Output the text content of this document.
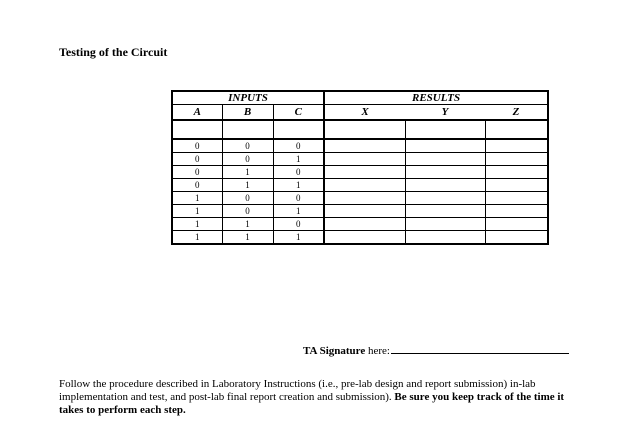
Testing of the Circuit
INPUTS			RESULTS		
A	B	C	X	Y	Z

0	0	0			
0	0	1			
0	1	0			
0	1	1			
1	0	0			
1	0	1			
1	1	0			
1	1	1			
TA Signature here:

Follow the procedure described in Laboratory Instructions (i.e., pre-lab design and report submission) in-lab implementation and test, and post-lab final report creation and submission). Be sure you keep track of the time it takes to perform each step.
